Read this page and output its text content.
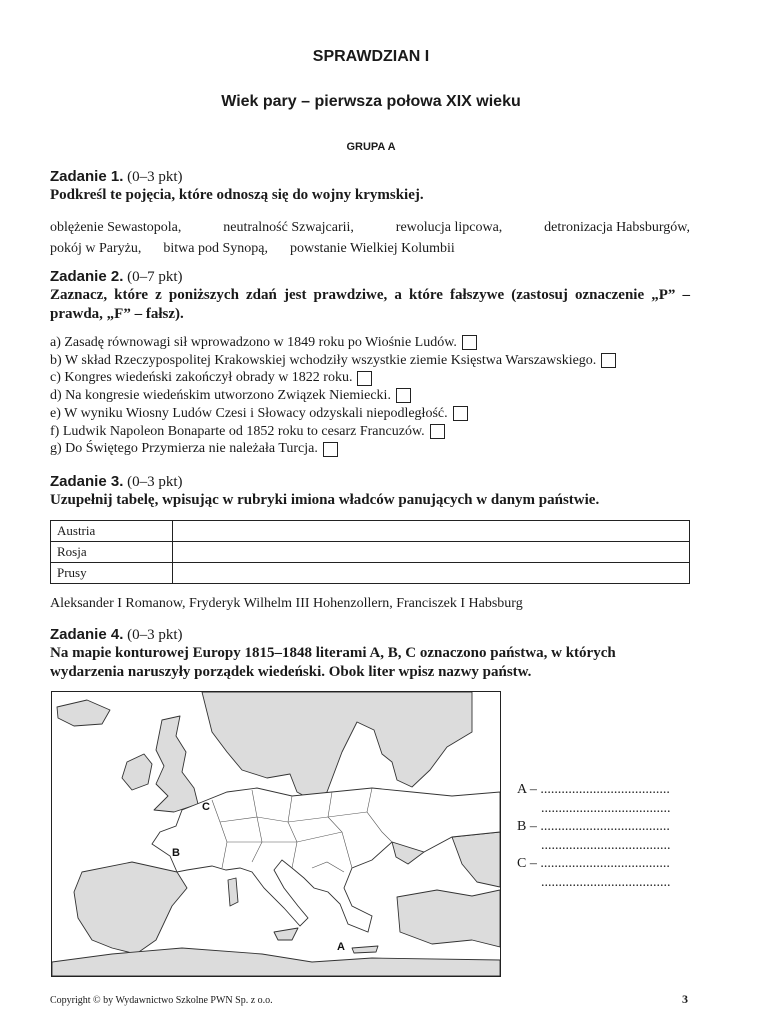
SPRAWDZIAN I
Wiek pary – pierwsza połowa XIX wieku
GRUPA A
Zadanie 1. (0–3 pkt)
Podkreśl te pojęcia, które odnoszą się do wojny krymskiej.
oblężenie Sewastopola,	neutralność Szwajcarii,	rewolucja lipcowa,	detronizacja Habsburgów,
pokój w Paryżu, bitwa pod Synopą, powstanie Wielkiej Kolumbii
Zadanie 2. (0–7 pkt)
Zaznacz, które z poniższych zdań jest prawdziwe, a które fałszywe (zastosuj oznaczenie „P” – prawda, „F” – fałsz).
a) Zasadę równowagi sił wprowadzono w 1849 roku po Wiośnie Ludów.
b) W skład Rzeczypospolitej Krakowskiej wchodziły wszystkie ziemie Księstwa Warszawskiego.
c) Kongres wiedeński zakończył obrady w 1822 roku.
d) Na kongresie wiedeńskim utworzono Związek Niemiecki.
e) W wyniku Wiosny Ludów Czesi i Słowacy odzyskali niepodległość.
f) Ludwik Napoleon Bonaparte od 1852 roku to cesarz Francuzów.
g) Do Świętego Przymierza nie należała Turcja.
Zadanie 3. (0–3 pkt)
Uzupełnij tabelę, wpisując w rubryki imiona władców panujących w danym państwie.
Austria	
Rosja	
Prusy	
Aleksander I Romanow, Fryderyk Wilhelm III Hohenzollern, Franciszek I Habsburg
Zadanie 4. (0–3 pkt)
Na mapie konturowej Europy 1815–1848 literami A, B, C oznaczono państwa, w których wydarzenia naruszyły porządek wiedeński. Obok liter wpisz nazwy państw.
C
B
A
A – .....................................
.....................................
B – .....................................
.....................................
C – .....................................
.....................................
Copyright © by Wydawnictwo Szkolne PWN Sp. z o.o.	3
